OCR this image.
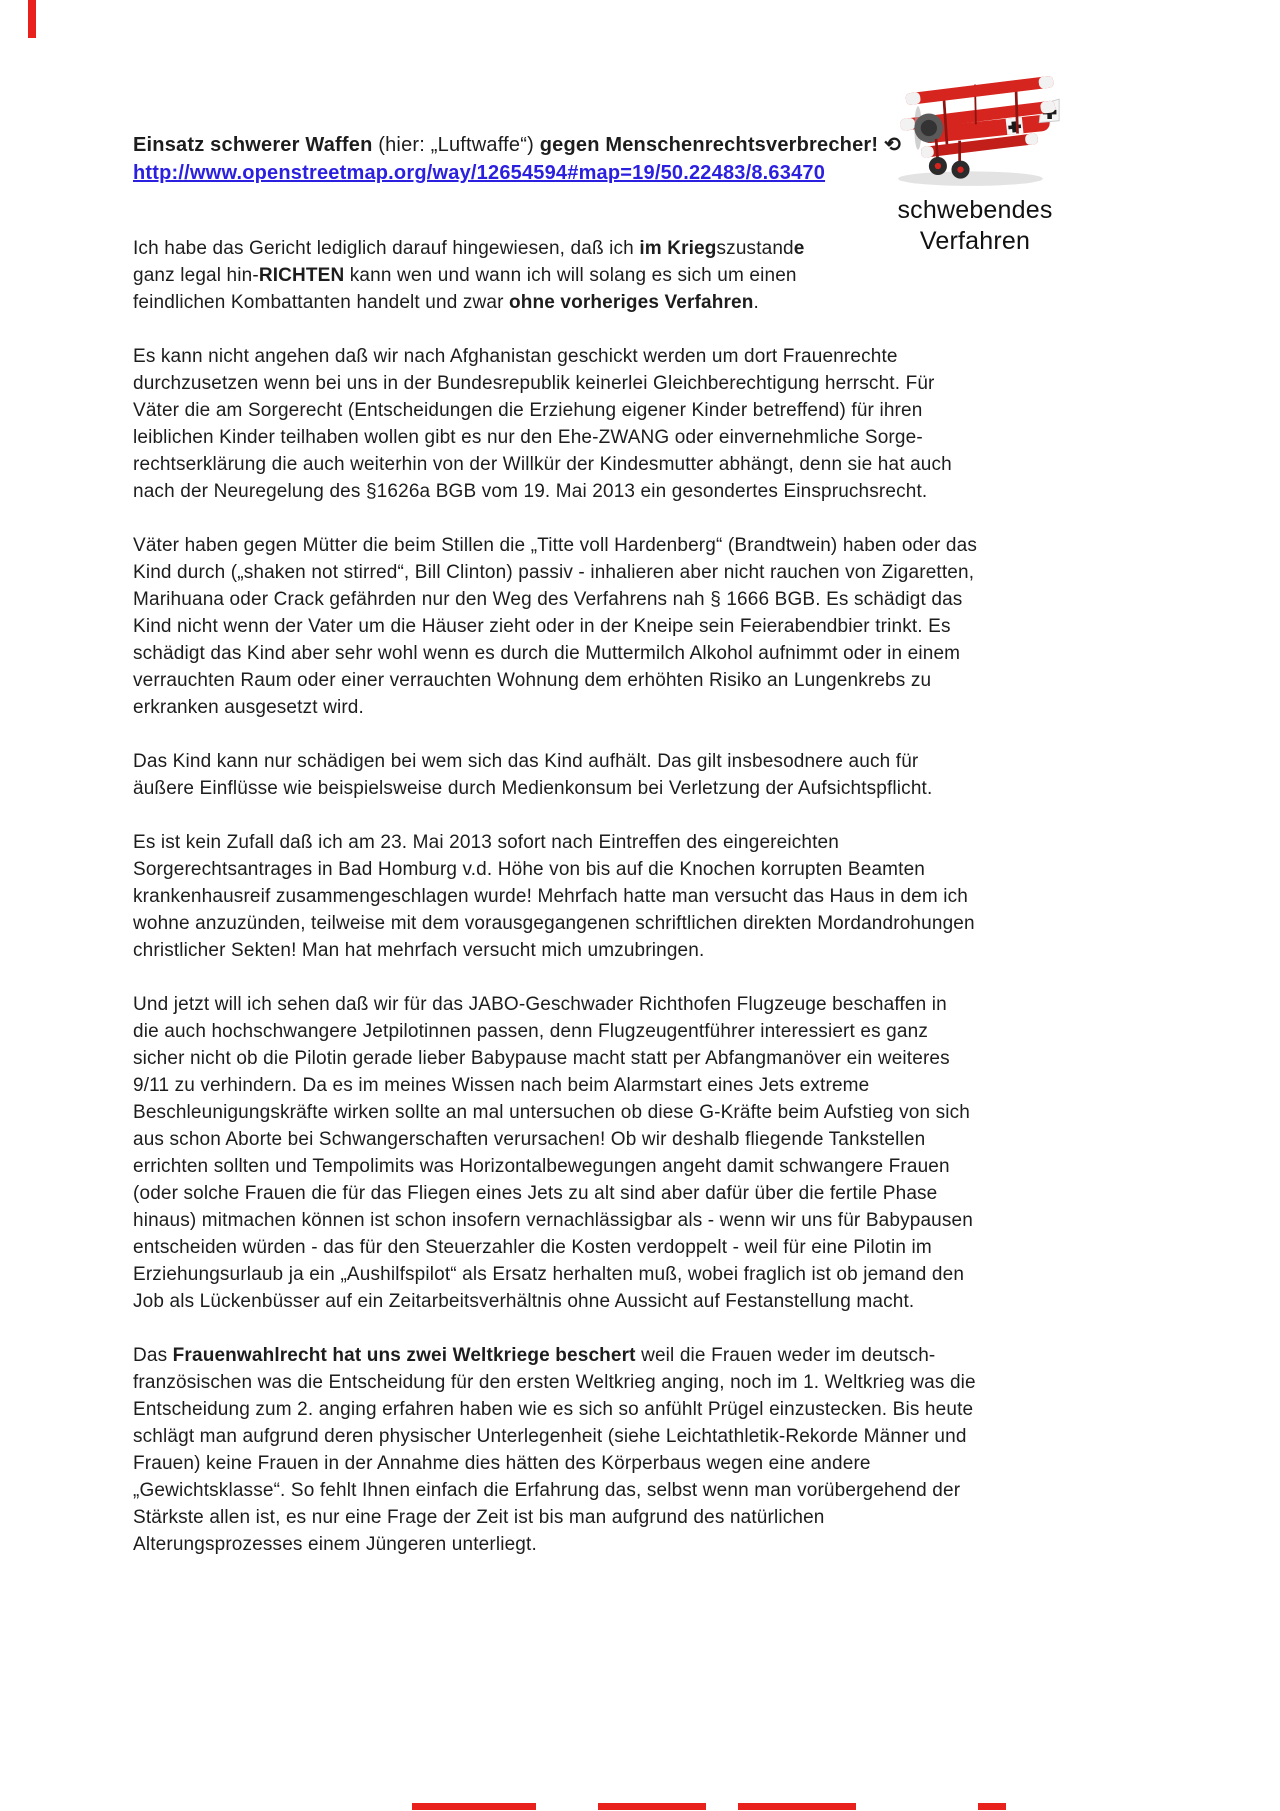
Einsatz schwerer Waffen (hier: „Luftwaffe“) gegen Menschenrechtsverbrecher! ⟲

http://www.openstreetmap.org/way/12654594#map=19/50.22483/8.63470

Ich habe das Gericht lediglich darauf hingewiesen, daß ich im Kriegszustande ganz legal hin-RICHTEN kann wen und wann ich will solang es sich um einen feindlichen Kombattanten handelt und zwar ohne vorheriges Verfahren.

schwebendes Verfahren

Es kann nicht angehen daß wir nach Afghanistan geschickt werden um dort Frauenrechte durchzusetzen wenn bei uns in der Bundesrepublik keinerlei Gleichberechtigung herrscht. Für Väter die am Sorgerecht (Entscheidungen die Erziehung eigener Kinder betreffend) für ihren leiblichen Kinder teilhaben wollen gibt es nur den Ehe-ZWANG oder einvernehmliche Sorge-rechtserklärung die auch weiterhin von der Willkür der Kindesmutter abhängt, denn sie hat auch nach der Neuregelung des §1626a BGB vom 19. Mai 2013 ein gesondertes Einspruchsrecht.

Väter haben gegen Mütter die beim Stillen die „Titte voll Hardenberg“ (Brandtwein) haben oder das Kind durch („shaken not stirred“, Bill Clinton) passiv - inhalieren aber nicht rauchen von Zigaretten, Marihuana oder Crack gefährden nur den Weg des Verfahrens nah § 1666 BGB. Es schädigt das Kind nicht wenn der Vater um die Häuser zieht oder in der Kneipe sein Feierabendbier trinkt. Es schädigt das Kind aber sehr wohl wenn es durch die Muttermilch Alkohol aufnimmt oder in einem verrauchten Raum oder einer verrauchten Wohnung dem erhöhten Risiko an Lungenkrebs zu erkranken ausgesetzt wird.

Das Kind kann nur schädigen bei wem sich das Kind aufhält. Das gilt insbesodnere auch für äußere Einflüsse wie beispielsweise durch Medienkonsum bei Verletzung der Aufsichtspflicht.

Es ist kein Zufall daß ich am 23. Mai 2013 sofort nach Eintreffen des eingereichten Sorgerechtsantrages in Bad Homburg v.d. Höhe von bis auf die Knochen korrupten Beamten krankenhausreif zusammengeschlagen wurde! Mehrfach hatte man versucht das Haus in dem ich wohne anzuzünden, teilweise mit dem vorausgegangenen schriftlichen direkten Mordandrohungen christlicher Sekten! Man hat mehrfach versucht mich umzubringen.

Und jetzt will ich sehen daß wir für das JABO-Geschwader Richthofen Flugzeuge beschaffen in die auch hochschwangere Jetpilotinnen passen, denn Flugzeugentführer interessiert es ganz sicher nicht ob die Pilotin gerade lieber Babypause macht statt per Abfangmanöver ein weiteres 9/11 zu verhindern. Da es im meines Wissen nach beim Alarmstart eines Jets extreme Beschleunigungskräfte wirken sollte an mal untersuchen ob diese G-Kräfte beim Aufstieg von sich aus schon Aborte bei Schwangerschaften verursachen! Ob wir deshalb fliegende Tankstellen errichten sollten und Tempolimits was Horizontalbewegungen angeht damit schwangere Frauen (oder solche Frauen die für das Fliegen eines Jets zu alt sind aber dafür über die fertile Phase hinaus) mitmachen können ist schon insofern vernachlässigbar als - wenn wir uns für Babypausen entscheiden würden - das für den Steuerzahler die Kosten verdoppelt - weil für eine Pilotin im Erziehungsurlaub ja ein „Aushilfspilot“ als Ersatz herhalten muß, wobei fraglich ist ob jemand den Job als Lückenbüsser auf ein Zeitarbeitsverhältnis ohne Aussicht auf Festanstellung macht.

Das Frauenwahlrecht hat uns zwei Weltkriege beschert weil die Frauen weder im deutsch-französischen was die Entscheidung für den ersten Weltkrieg anging, noch im 1. Weltkrieg was die Entscheidung zum 2. anging erfahren haben wie es sich so anfühlt Prügel einzustecken. Bis heute schlägt man aufgrund deren physischer Unterlegenheit (siehe Leichtathletik-Rekorde Männer und Frauen) keine Frauen in der Annahme dies hätten des Körperbaus wegen eine andere „Gewichtsklasse“. So fehlt Ihnen einfach die Erfahrung das, selbst wenn man vorübergehend der Stärkste allen ist, es nur eine Frage der Zeit ist bis man aufgrund des natürlichen Alterungsprozesses einem Jüngeren unterliegt.
